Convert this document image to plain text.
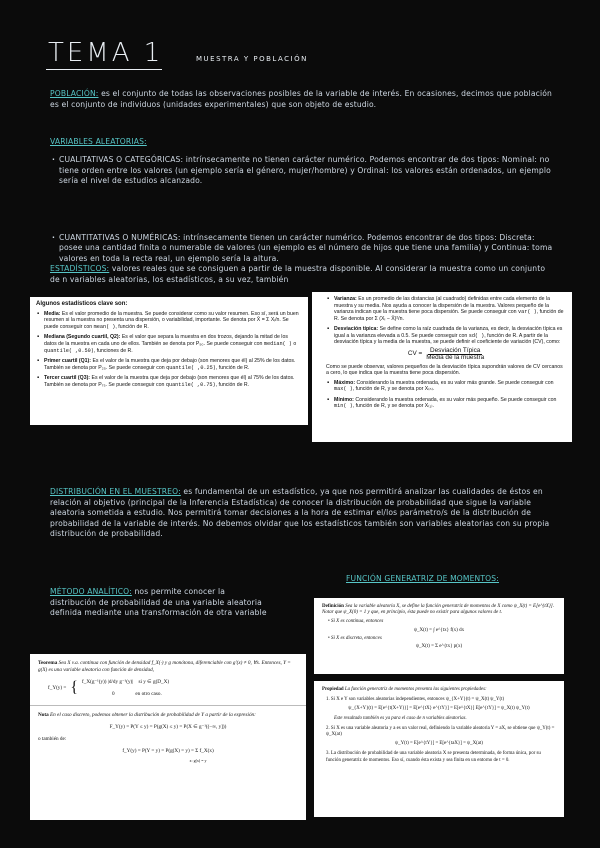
TEMA 1	MUESTRA Y POBLACIÓN
POBLACIÓN: es el conjunto de todas las observaciones posibles de la variable de interés. En ocasiones, decimos que población es el conjunto de individuos (unidades experimentales) que son objeto de estudio.
VARIABLES ALEATORIAS:
· CUALITATIVAS O CATEGÓRICAS: intrínsecamente no tienen carácter numérico. Podemos encontrar de dos tipos: Nominal: no tiene orden entre los valores (un ejemplo sería el género, mujer/hombre) y Ordinal: los valores están ordenados, un ejemplo sería el nivel de estudios alcanzado.
· CUANTITATIVAS O NUMÉRICAS: intrínsecamente tienen un carácter numérico. Podemos encontrar de dos tipos: Discreta: posee una cantidad finita o numerable de valores (un ejemplo es el número de hijos que tiene una familia) y Continua: toma valores en toda la recta real, un ejemplo sería la altura.
ESTADÍSTICOS: valores reales que se consiguen a partir de la muestra disponible. Al considerar la muestra como un conjunto de n variables aleatorias, los estadísticos, a su vez, también

Algunos estadísticos clave son:

▪ Media: Es el valor promedio de la muestra. Se puede considerar como su valor resumen. Eso sí, será un buen resumen si la muestra no presenta una dispersión, o variabilidad, importante. Se denota por X̄ = Σ Xᵢ/n. Se puede conseguir con mean( ), función de R.
▪ Mediana (Segundo cuartil, Q2): Es el valor que separa la muestra en dos trozos, dejando la mitad de los datos de la muestra en cada uno de ellos. También se denota por P₅₀. Se puede conseguir con median( ) o quantile( ,0.50), funciones de R.
▪ Primer cuartil (Q1): Es el valor de la muestra que deja por debajo (son menores que él) al 25% de los datos. También se denota por P₂₅. Se puede conseguir con quantile( ,0.25), función de R.
▪ Tercer cuartil (Q3): Es el valor de la muestra que deja por debajo (son menores que él) al 75% de los datos. También se denota por P₇₅. Se puede conseguir con quantile( ,0.75), función de R.
▪ Varianza: Es un promedio de las distancias (al cuadrado) definidas entre cada elemento de la muestra y su media. Nos ayuda a conocer la dispersión de la muestra. Valores pequeño de la varianza indican que la muestra tiene poca dispersión. Se puede conseguir con var( ), función de R. Se denota por Σ (Xᵢ − X̄)²/n.
▪ Desviación típica: Se define como la raíz cuadrada de la varianza, es decir, la desviación típica es igual a la varianza elevada a 0.5. Se puede conseguir con sd( ), función de R. A partir de la desviación típica y la media de la muestra, se puede definir el coeficiente de variación (CV), como:
CV =
Desviación Típica
Media de la muestra

Como se puede observar, valores pequeños de la desviación típica supondrán valores de CV cercanos a cero, lo que indica que la muestra tiene poca dispersión.

▪ Máximo: Considerando la muestra ordenada, es su valor más grande. Se puede conseguir con max( ), función de R, y se denota por X₍ₙ₎.
▪ Mínimo: Considerando la muestra ordenada, es su valor más pequeño. Se puede conseguir con min( ), función de R, y se denota por X₍₁₎.
DISTRIBUCIÓN EN EL MUESTREO: es fundamental de un estadístico, ya que nos permitirá analizar las cualidades de éstos en relación al objetivo (principal de la Inferencia Estadística) de conocer la distribución de probabilidad que sigue la variable aleatoria sometida a estudio. Nos permitirá tomar decisiones a la hora de estimar el/los parámetro/s de la distribución de probabilidad de la variable de interés. No debemos olvidar que los estadísticos también son variables aleatorias con su propia distribución de probabilidad.
MÉTODO ANALÍTICO: nos permite conocer la distribución de probabilidad de una variable aleatoria definida mediante una transformación de otra variable
FUNCIÓN GENERATRIZ DE MOMENTOS:

Teorema Sea X v.a. continua con función de densidad f_X(·) y g monótona, diferenciable con g′(x) ≠ 0, ∀x. Entonces, Y = g(X) es una variable aleatoria con función de densidad,

f_Y(y) = { f_X(g⁻¹(y)) |d/dy g⁻¹(y)|    si y ∈ g(D_X)
0                en otro caso.

Nota En el caso discreto, podemos obtener la distribución de probabilidad de Y a partir de la expresión:

F_Y(y) = P(Y ≤ y) = P(g(X) ≤ y) = P(X ∈ g⁻¹((−∞, y]))

o también de:

f_Y(y) = P(Y = y) = P(g(X) = y) = Σ f_X(x)

x: g(x) = y

Definición Sea la variable aleatoria X, se define la función generatriz de momentos de X como ψ_X(t) = E[e^{tX}]. Notar que ψ_X(0) = 1 y que, en principio, ésta puede no existir para algunos valores de t.

• Si X es continua, entonces

ψ_X(t) = ∫ e^{tx} f(x) dx

• Si X es discreta, entonces

ψ_X(t) = Σ e^{tx} p(x)

Propiedad La función generatriz de momentos presenta las siguientes propiedades:

1. Si X e Y son variables aleatorias independientes, entonces ψ_{X+Y}(t) = ψ_X(t) ψ_Y(t)

ψ_{X+Y}(t) = E[e^{t(X+Y)}] = E[e^{tX} e^{tY}] = E[e^{tX}] E[e^{tY}] = ψ_X(t) ψ_Y(t)

Este resultado también es ya para el caso de n variables aleatorias.

2. Si X es una variable aleatoria y a es un valor real, definiendo la variable aleatoria Y = aX, se obtiene que ψ_Y(t) = ψ_X(at)

ψ_Y(t) = E[e^{tY}] = E[e^{taX}] = ψ_X(at)

3. La distribución de probabilidad de una variable aleatoria X se presenta determinada, de forma única, por su función generatriz de momentos. Eso sí, cuando ésta exista y sea finita en un entorno de t = 0.
